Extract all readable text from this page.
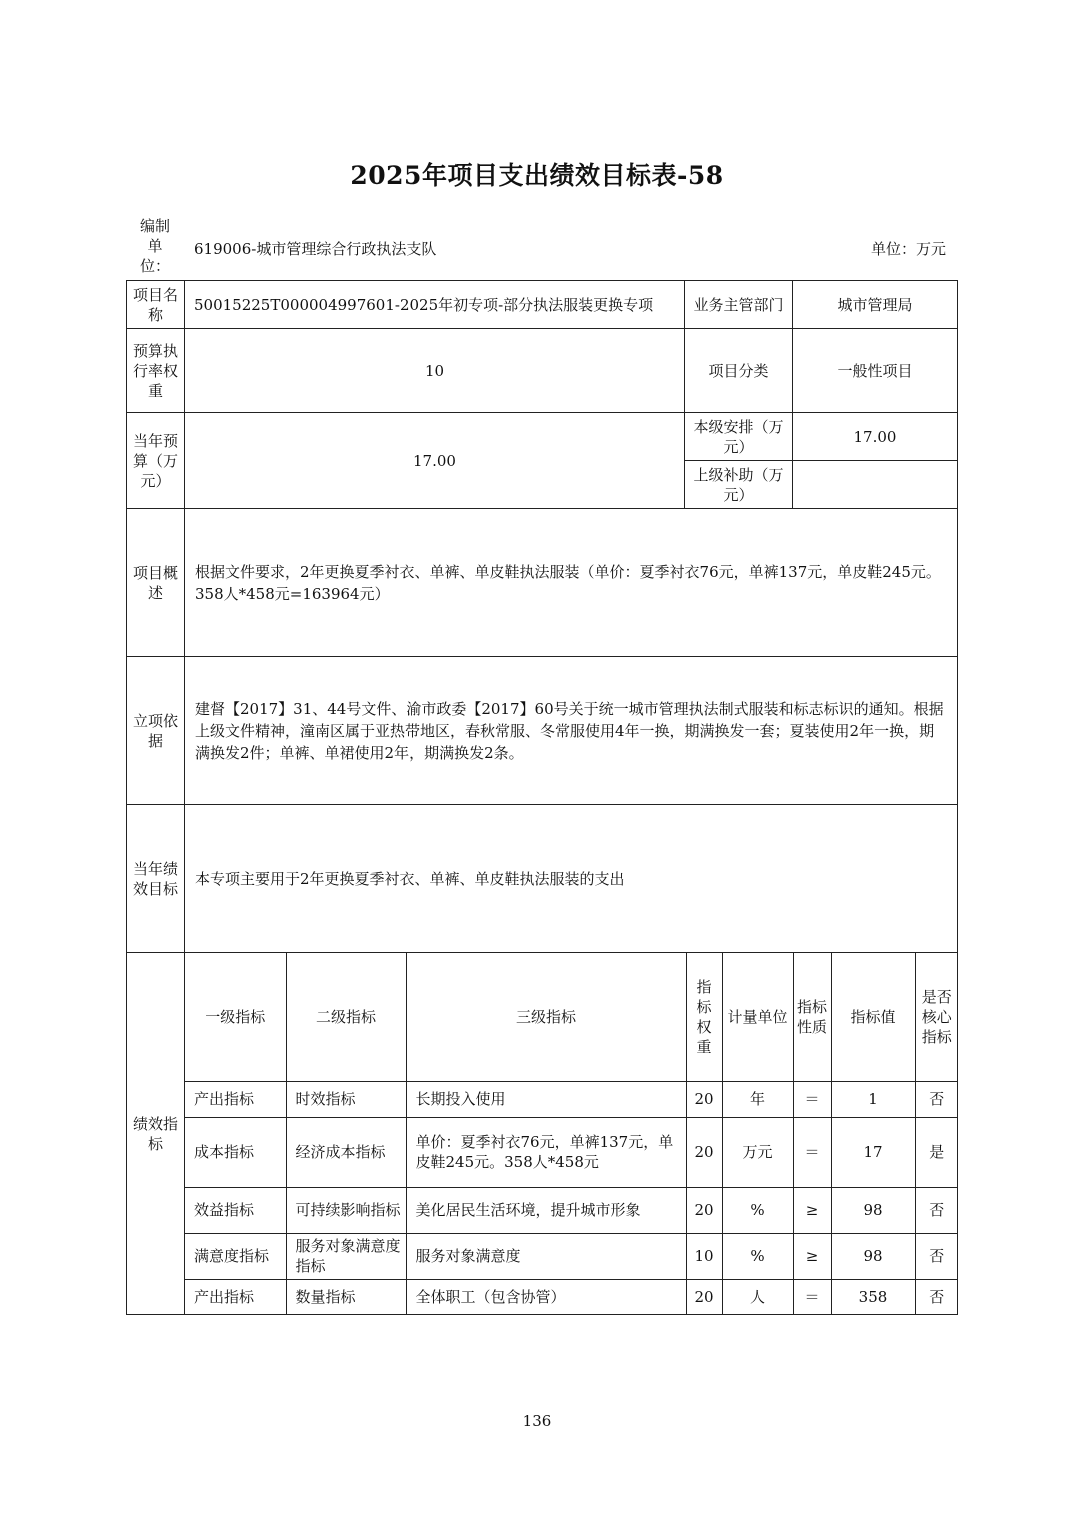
2025年项目支出绩效目标表-58
编制单位：
619006-城市管理综合行政执法支队	单位：万元
项目名称	50015225T000004997601-2025年初专项-部分执法服装更换专项	业务主管部门	城市管理局
预算执行率权重	10	项目分类	一般性项目
当年预算（万元）	17.00	本级安排（万元）	17.00
上级补助（万元）	
项目概述	根据文件要求，2年更换夏季衬衣、单裤、单皮鞋执法服装（单价：夏季衬衣76元，单裤137元，单皮鞋245元。358人*458元=163964元）
立项依据	建督【2017】31、44号文件、渝市政委【2017】60号关于统一城市管理执法制式服装和标志标识的通知。根据上级文件精神，潼南区属于亚热带地区，春秋常服、冬常服使用4年一换，期满换发一套；夏装使用2年一换，期满换发2件；单裤、单裙使用2年，期满换发2条。
当年绩效目标	本专项主要用于2年更换夏季衬衣、单裤、单皮鞋执法服装的支出
绩效指标	
一级指标	二级指标	三级指标	指标权重	计量单位	指标性质	指标值	是否核心指标
产出指标	时效指标	长期投入使用	20	年	＝	1	否
成本指标	经济成本指标	单价：夏季衬衣76元，单裤137元，单皮鞋245元。358人*458元	20	万元	＝	17	是
效益指标	可持续影响指标	美化居民生活环境，提升城市形象	20	%	≥	98	否
满意度指标	服务对象满意度指标	服务对象满意度	10	%	≥	98	否
产出指标	数量指标	全体职工（包含协管）	20	人	＝	358	否
136
